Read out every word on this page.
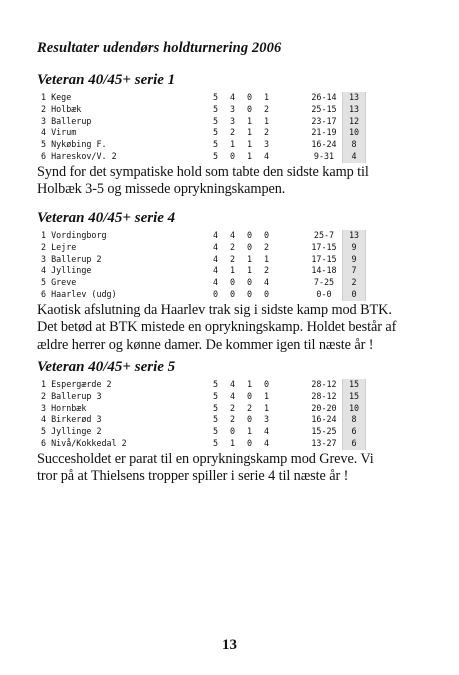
Resultater udendørs holdturnering 2006
Veteran 40/45+ serie 1
1 Kege	5 4 0 1	26-14	13
2 Holbæk	5 3 0 2	25-15	13
3 Ballerup	5 3 1 1	23-17	12
4 Virum	5 2 1 2	21-19	10
5 Nykøbing F.	5 1 1 3	16-24	8
6 Hareskov/V. 2	5 0 1 4	9-31	4
Synd for det sympatiske hold som tabte den sidste kamp til Holbæk 3-5 og missede oprykningskampen.
Veteran 40/45+ serie 4
1 Vordingborg	4 4 0 0	25-7	13
2 Lejre	4 2 0 2	17-15	9
3 Ballerup 2	4 2 1 1	17-15	9
4 Jyllinge	4 1 1 2	14-18	7
5 Greve	4 0 0 4	7-25	2
6 Haarlev (udg)	0 0 0 0	0-0	0
Kaotisk afslutning da Haarlev trak sig i sidste kamp mod BTK. Det betød at BTK mistede en oprykningskamp. Holdet består af ældre herrer og kønne damer. De kommer igen til næste år !
Veteran 40/45+ serie 5
1 Espergærde 2	5 4 1 0	28-12	15
2 Ballerup 3	5 4 0 1	28-12	15
3 Hornbæk	5 2 2 1	20-20	10
4 Birkerød 3	5 2 0 3	16-24	8
5 Jyllinge 2	5 0 1 4	15-25	6
6 Nivå/Kokkedal 2	5 1 0 4	13-27	6
Succesholdet er parat til en oprykningskamp mod Greve. Vi tror på at Thielsens tropper spiller i serie 4 til næste år !
13
